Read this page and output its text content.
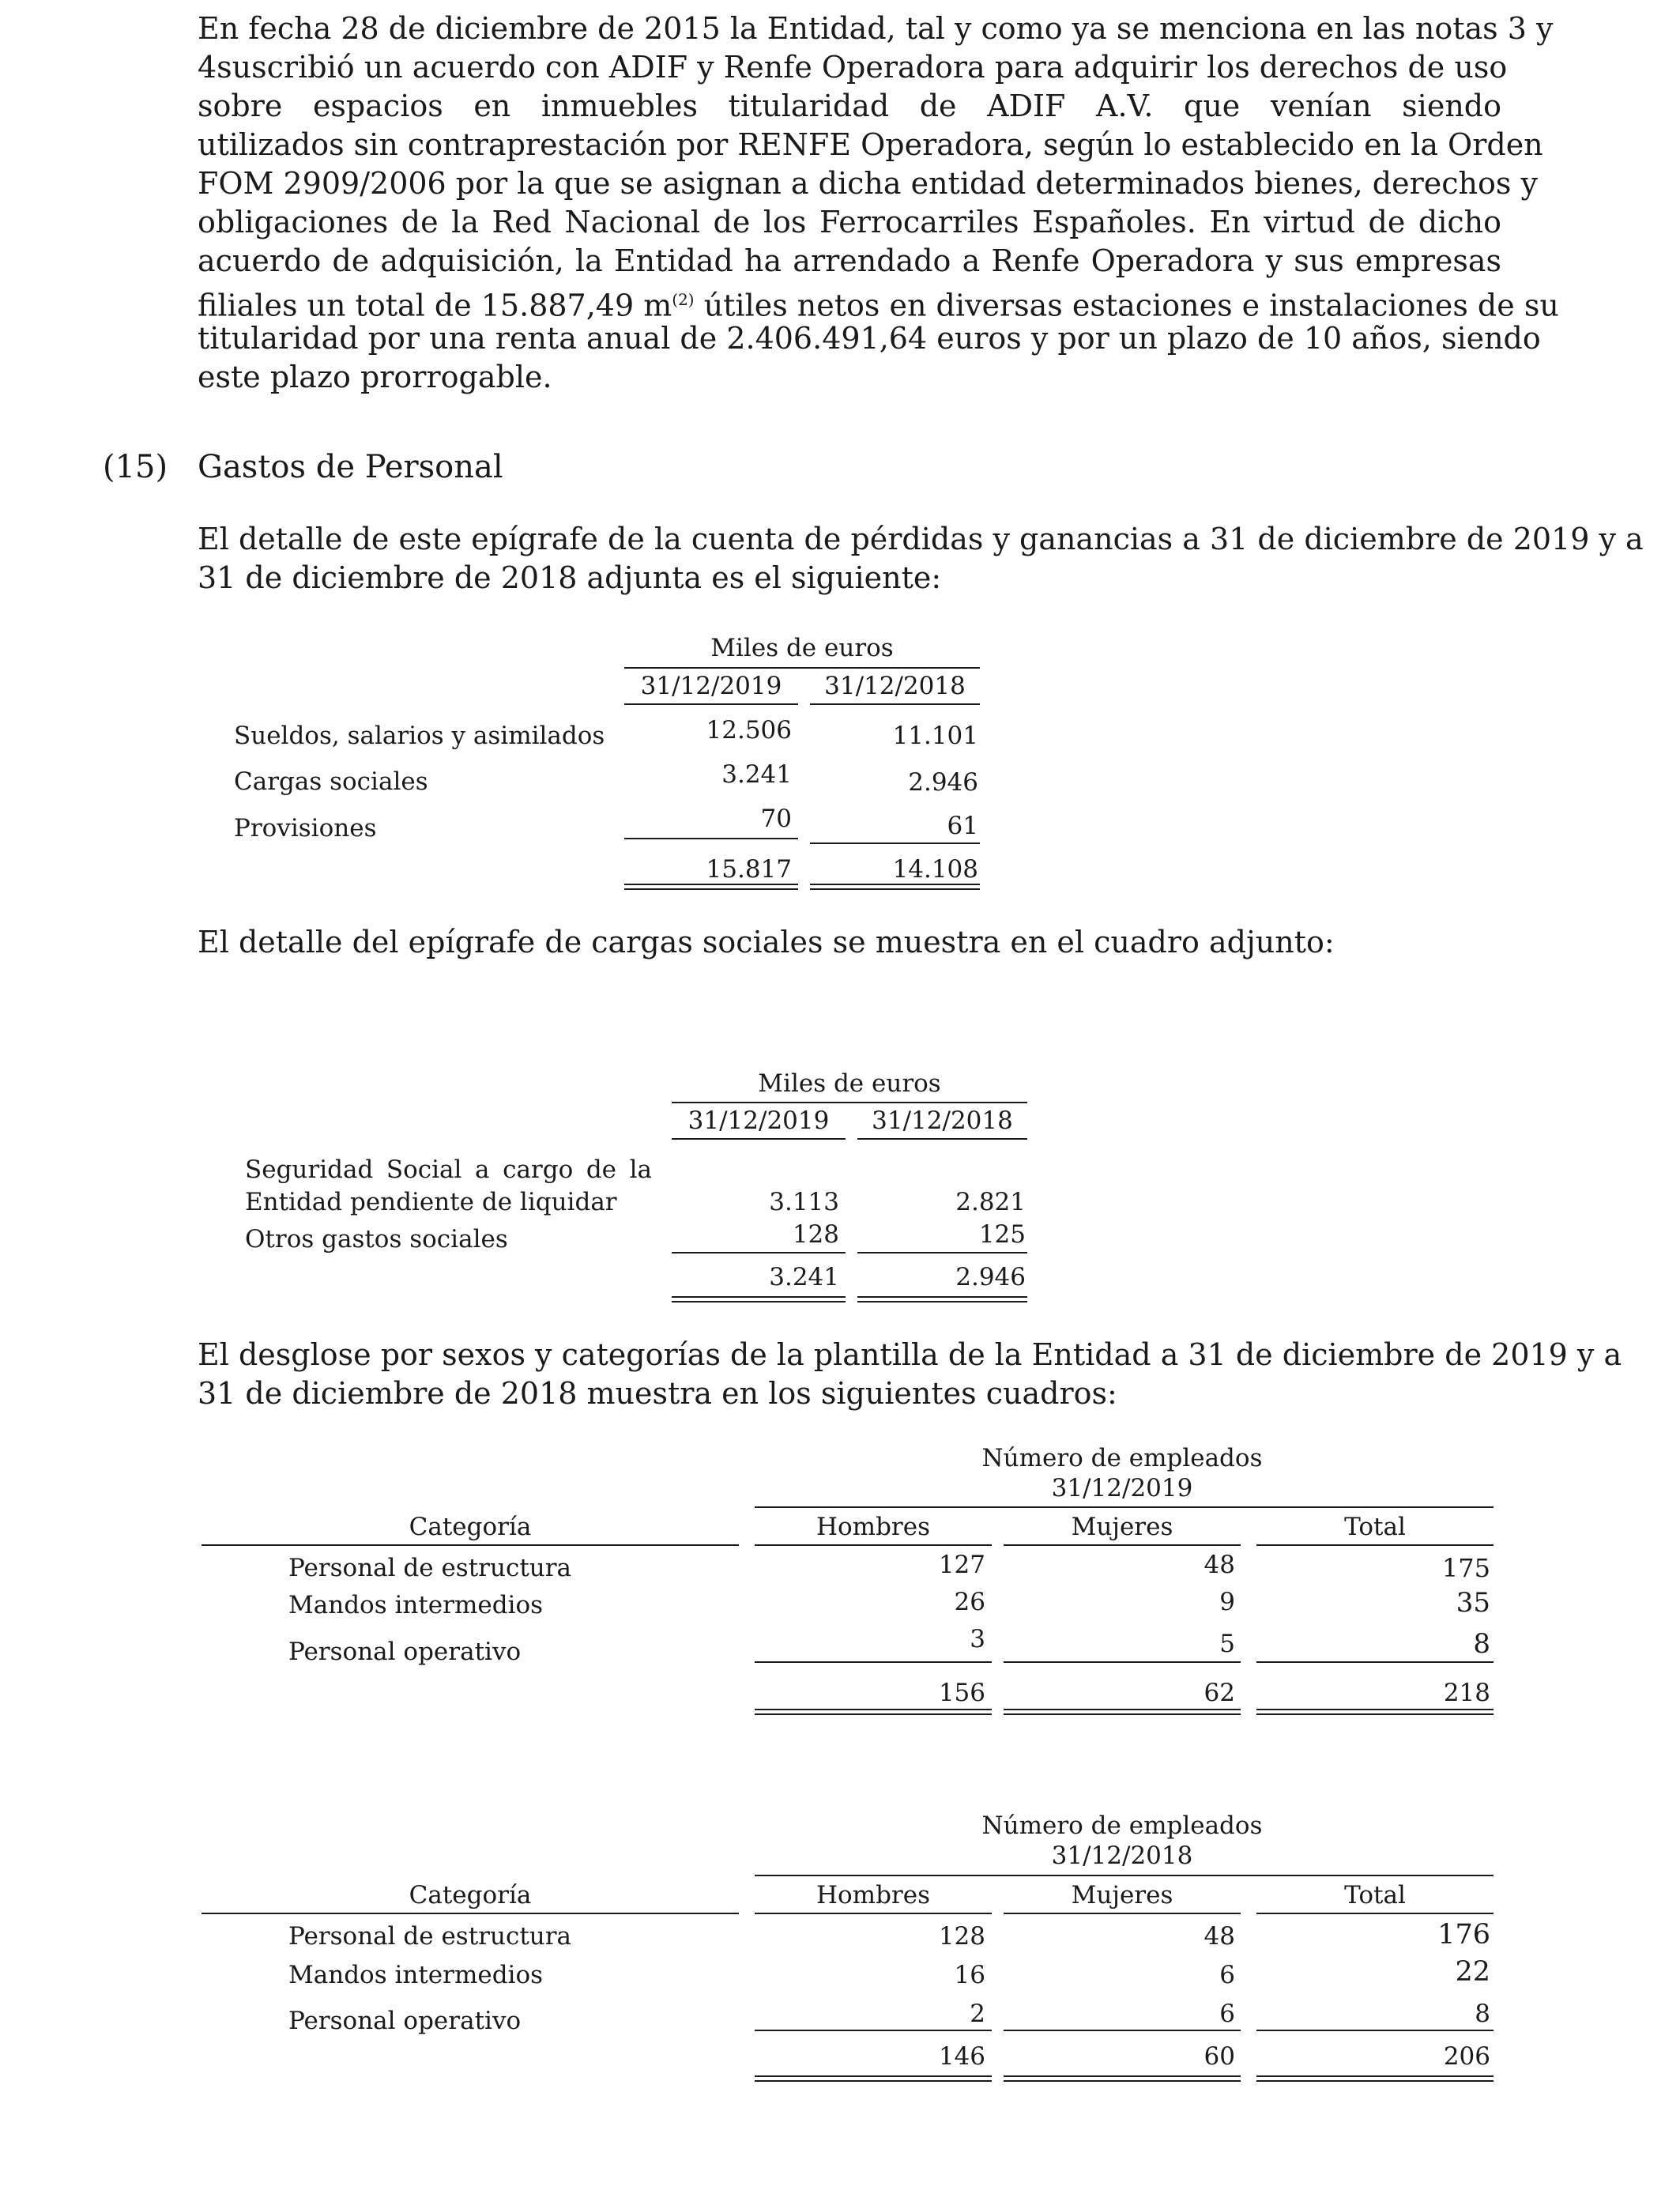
En fecha 28 de diciembre de 2015 la Entidad, tal y como ya se menciona en las notas 3 y
4suscribió un acuerdo con ADIF y Renfe Operadora para adquirir los derechos de uso
sobre espacios en inmuebles titularidad de ADIF A.V. que venían siendo
utilizados sin contraprestación por RENFE Operadora, según lo establecido en la Orden
FOM 2909/2006 por la que se asignan a dicha entidad determinados bienes, derechos y
obligaciones de la Red Nacional de los Ferrocarriles Españoles. En virtud de dicho
acuerdo de adquisición, la Entidad ha arrendado a Renfe Operadora y sus empresas
filiales un total de 15.887,49 $m^{(2)}$ útiles netos en diversas estaciones e instalaciones de su
titularidad por una renta anual de 2.406.491,64 euros y por un plazo de 10 años, siendo
este plazo prorrogable.
(15) Gastos de Personal
El detalle de este epígrafe de la cuenta de pérdidas y ganancias a 31 de diciembre de 2019 y a
31 de diciembre de 2018 adjunta es el siguiente:
Miles de euros
31/12/2019	31/12/2018
Sueldos, salarios y asimilados	12.506	11.101
Cargas sociales	3.241	2.946
Provisiones	70	61
15.817	14.108
El detalle del epígrafe de cargas sociales se muestra en el cuadro adjunto:
Miles de euros
31/12/2019	31/12/2018
Seguridad Social a cargo de la
Entidad pendiente de liquidar	3.113	2.821
Otros gastos sociales	128	125
3.241	2.946
El desglose por sexos y categorías de la plantilla de la Entidad a 31 de diciembre de 2019 y a
31 de diciembre de 2018 muestra en los siguientes cuadros:
Número de empleados
31/12/2019
Categoría	Hombres	Mujeres	Total
Personal de estructura	127	48	175
Mandos intermedios	26	9	35
Personal operativo	3	5	8
156	62	218
Número de empleados
31/12/2018
Categoría	Hombres	Mujeres	Total
Personal de estructura	128	48	176
Mandos intermedios	16	6	22
Personal operativo	2	6	8
146	60	206
